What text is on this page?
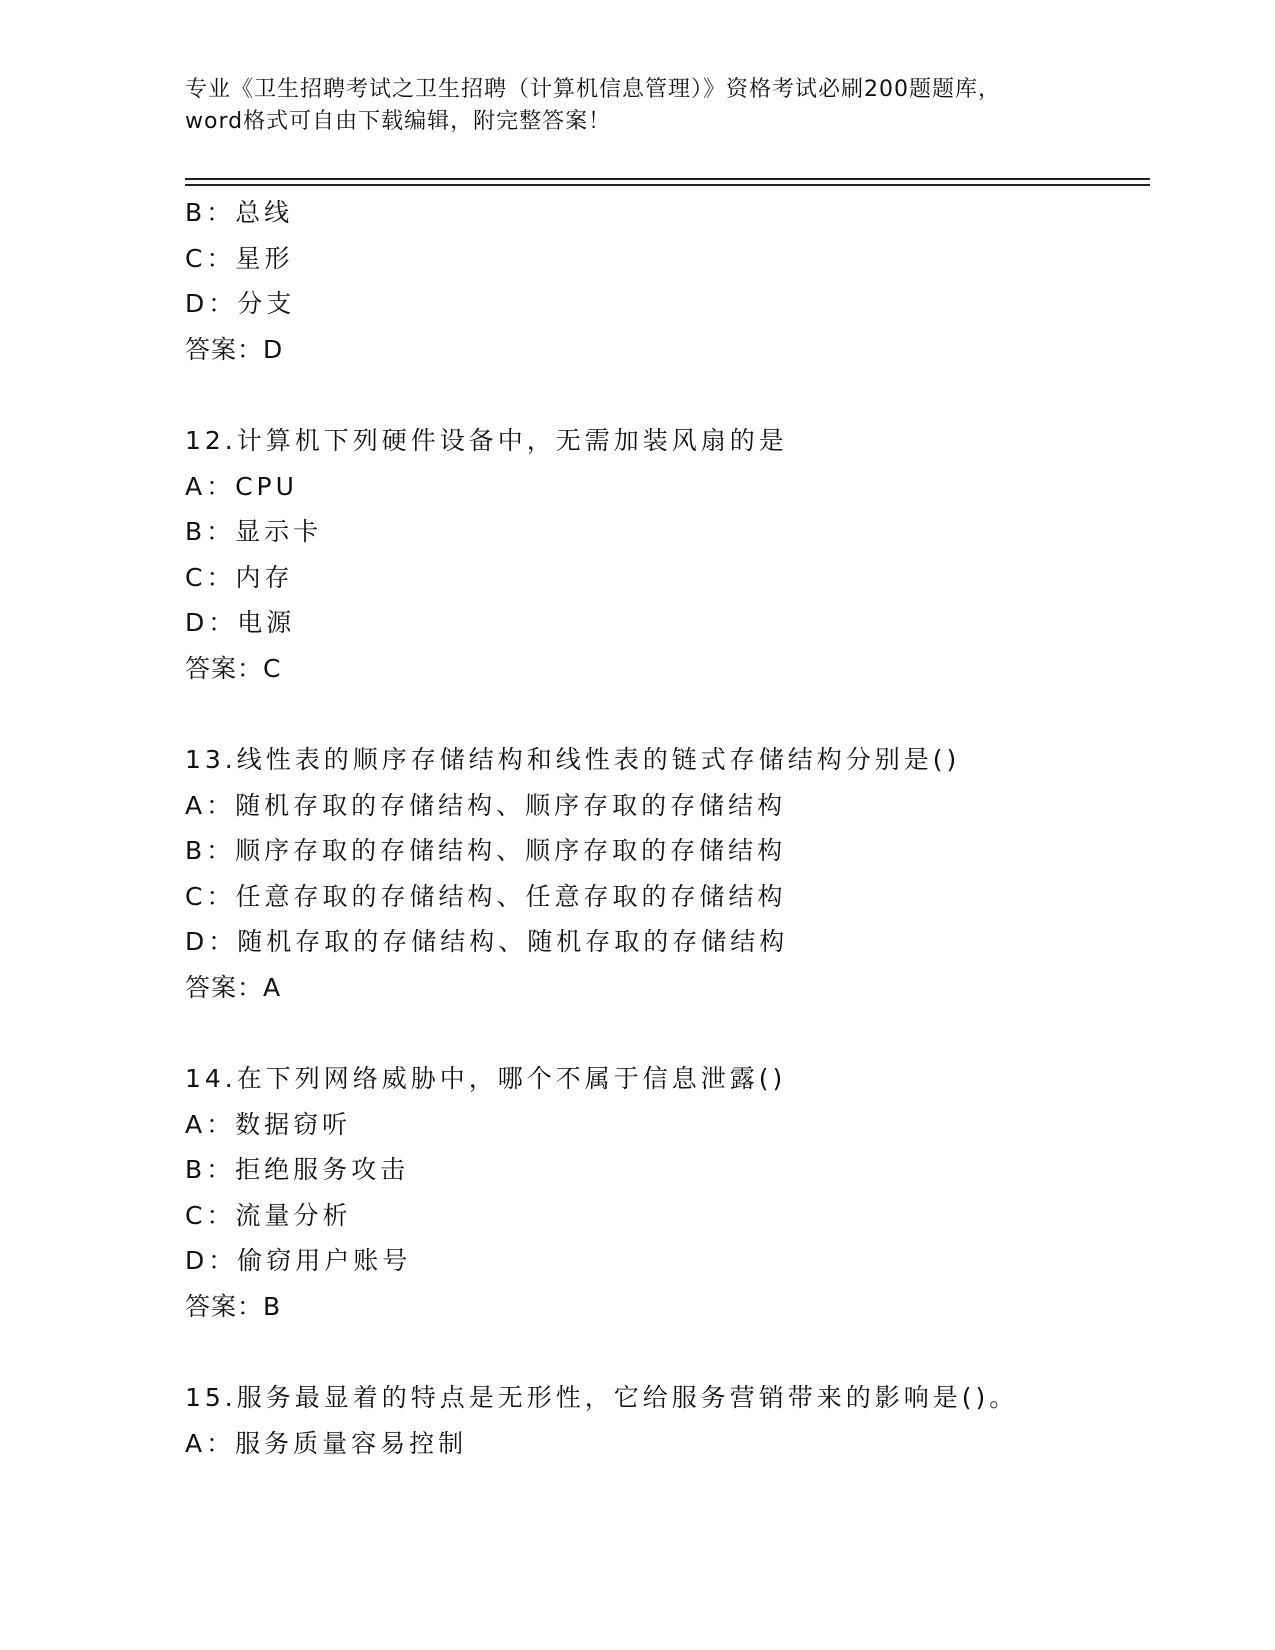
专业《卫生招聘考试之卫生招聘（计算机信息管理）》资格考试必刷200题题库，
word格式可自由下载编辑，附完整答案！
B：总线
C：星形
D：分支
答案：D
12.计算机下列硬件设备中，无需加装风扇的是
A：CPU
B：显示卡
C：内存
D：电源
答案：C
13.线性表的顺序存储结构和线性表的链式存储结构分别是()
A：随机存取的存储结构、顺序存取的存储结构
B：顺序存取的存储结构、顺序存取的存储结构
C：任意存取的存储结构、任意存取的存储结构
D：随机存取的存储结构、随机存取的存储结构
答案：A
14.在下列网络威胁中，哪个不属于信息泄露()
A：数据窃听
B：拒绝服务攻击
C：流量分析
D：偷窃用户账号
答案：B
15.服务最显着的特点是无形性，它给服务营销带来的影响是()。
A：服务质量容易控制
